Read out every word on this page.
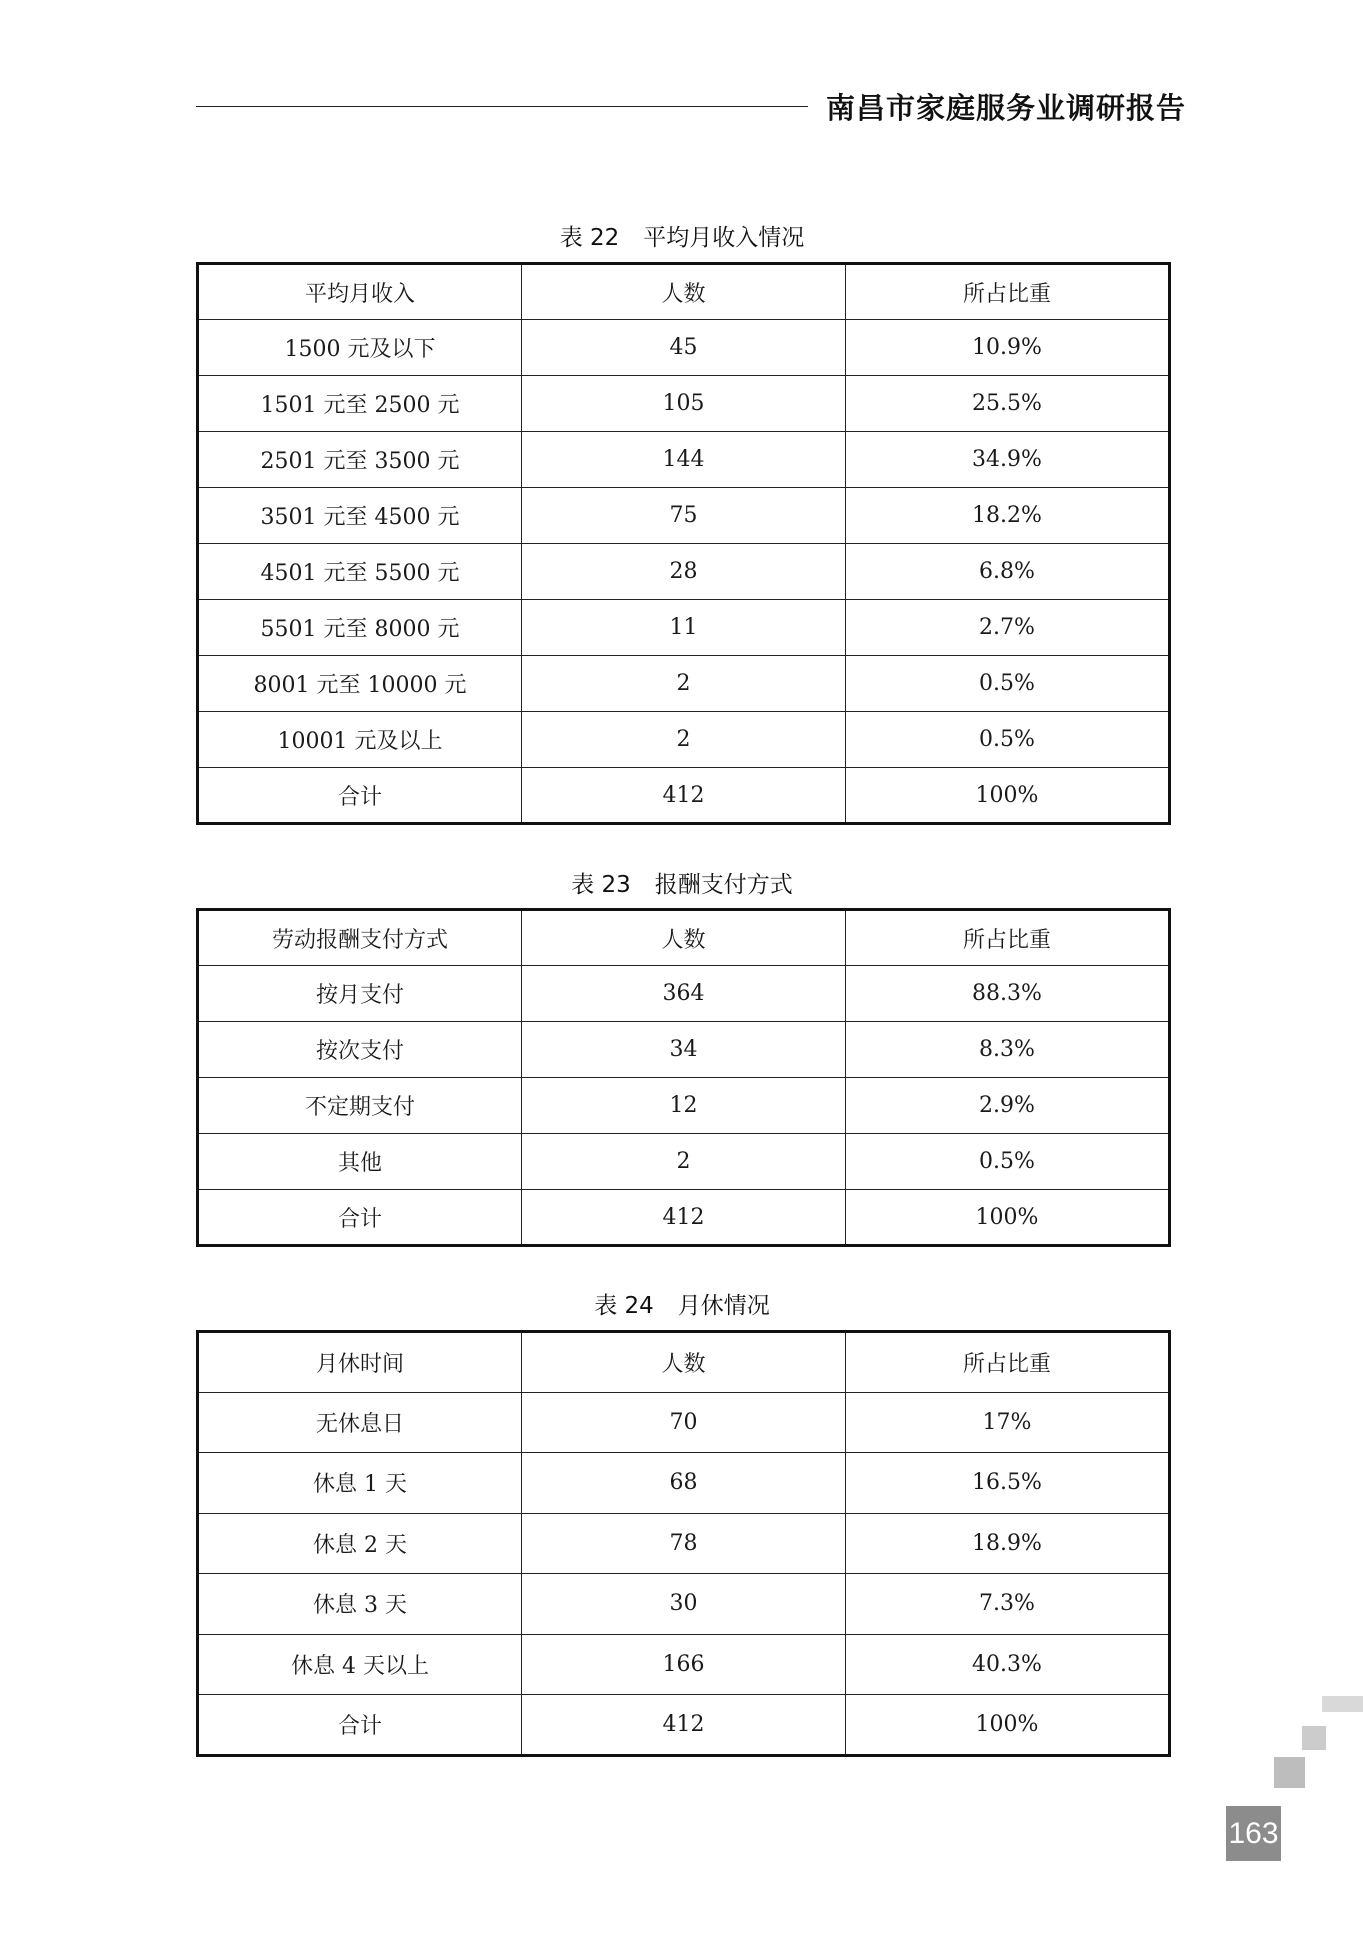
南昌市家庭服务业调研报告
表 22 平均月收入情况
平均月收入	人数	所占比重
1500 元及以下	45	10.9%
1501 元至 2500 元	105	25.5%
2501 元至 3500 元	144	34.9%
3501 元至 4500 元	75	18.2%
4501 元至 5500 元	28	6.8%
5501 元至 8000 元	11	2.7%
8001 元至 10000 元	2	0.5%
10001 元及以上	2	0.5%
合计	412	100%
表 23 报酬支付方式
劳动报酬支付方式	人数	所占比重
按月支付	364	88.3%
按次支付	34	8.3%
不定期支付	12	2.9%
其他	2	0.5%
合计	412	100%
表 24 月休情况
月休时间	人数	所占比重
无休息日	70	17%
休息 1 天	68	16.5%
休息 2 天	78	18.9%
休息 3 天	30	7.3%
休息 4 天以上	166	40.3%
合计	412	100%
163
